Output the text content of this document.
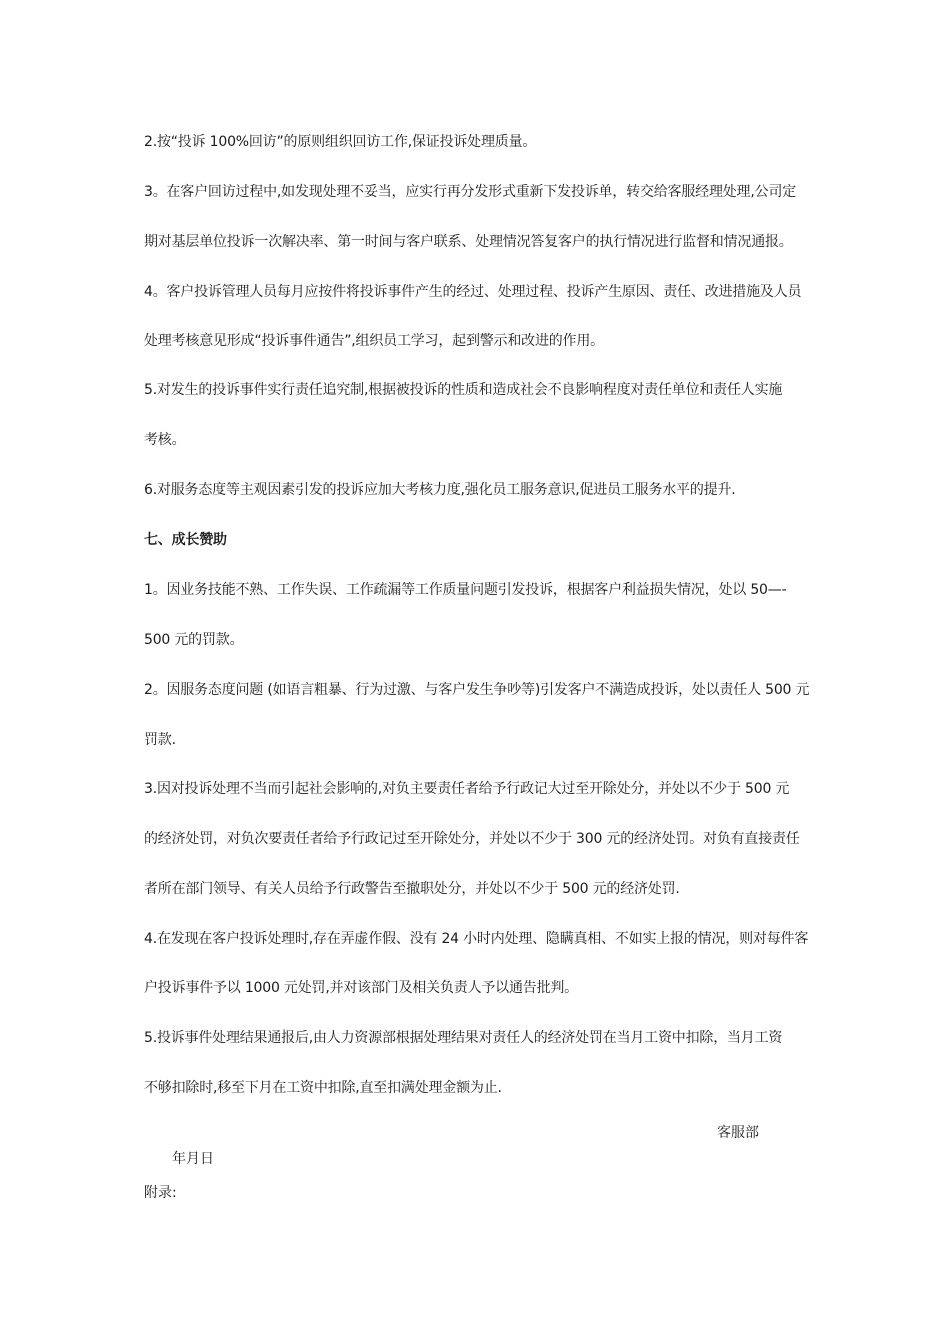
2.按“投诉 100%回访”的原则组织回访工作,保证投诉处理质量。
3。在客户回访过程中,如发现处理不妥当，应实行再分发形式重新下发投诉单，转交给客服经理处理,公司定
期对基层单位投诉一次解决率、第一时间与客户联系、处理情况答复客户的执行情况进行监督和情况通报。
4。客户投诉管理人员每月应按件将投诉事件产生的经过、处理过程、投诉产生原因、责任、改进措施及人员
处理考核意见形成“投诉事件通告”,组织员工学习，起到警示和改进的作用。
5.对发生的投诉事件实行责任追究制,根据被投诉的性质和造成社会不良影响程度对责任单位和责任人实施
考核。
6.对服务态度等主观因素引发的投诉应加大考核力度,强化员工服务意识,促进员工服务水平的提升.
七、成长赞助
1。因业务技能不熟、工作失误、工作疏漏等工作质量问题引发投诉，根据客户利益损失情况，处以 50—-
500 元的罚款。
2。因服务态度问题 (如语言粗暴、行为过激、与客户发生争吵等)引发客户不满造成投诉，处以责任人 500 元
罚款.
3.因对投诉处理不当而引起社会影响的,对负主要责任者给予行政记大过至开除处分，并处以不少于 500 元
的经济处罚，对负次要责任者给予行政记过至开除处分，并处以不少于 300 元的经济处罚。对负有直接责任
者所在部门领导、有关人员给予行政警告至撤职处分，并处以不少于 500 元的经济处罚.
4.在发现在客户投诉处理时,存在弄虚作假、没有 24 小时内处理、隐瞒真相、不如实上报的情况，则对每件客
户投诉事件予以 1000 元处罚,并对该部门及相关负责人予以通告批判。
5.投诉事件处理结果通报后,由人力资源部根据处理结果对责任人的经济处罚在当月工资中扣除，当月工资
不够扣除时,移至下月在工资中扣除,直至扣满处理金额为止.
客服部
年月日
附录:
